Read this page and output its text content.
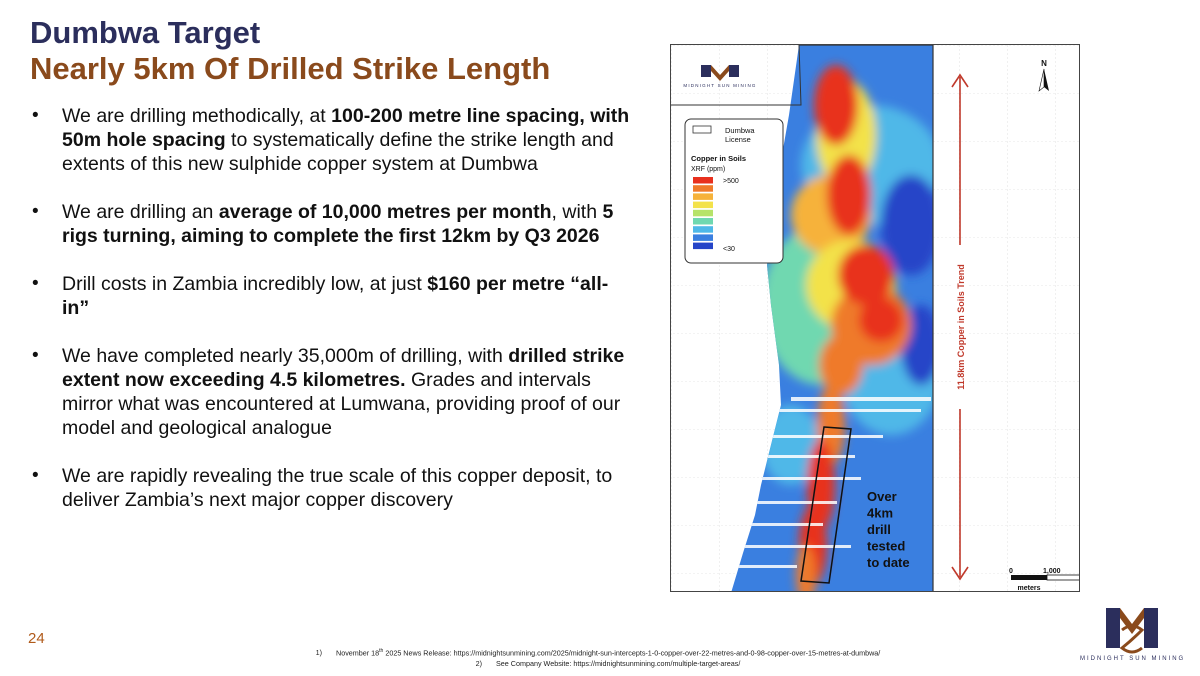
Dumbwa Target
Nearly 5km Of Drilled Strike Length
• We are drilling methodically, at 100-200 metre line spacing, with 50m hole spacing to systematically define the strike length and extents of this new sulphide copper system at Dumbwa
• We are drilling an average of 10,000 metres per month, with 5 rigs turning, aiming to complete the first 12km by Q3 2026
• Drill costs in Zambia incredibly low, at just $160 per metre “all-in”
• We have completed nearly 35,000m of drilling, with drilled strike extent now exceeding 4.5 kilometres. Grades and intervals mirror what was encountered at Lumwana, providing proof of our model and geological analogue
• We are rapidly revealing the true scale of this copper deposit, to deliver Zambia’s next major copper discovery
11.8km Copper in Soils Trend
N
MIDNIGHT SUN MINING
Dumbwa
License
Copper in Soils
XRF (ppm)
>500
<30
Over 4km drill tested to date
0	1,000
meters
24
1) November 18th 2025 News Release: https://midnightsunmining.com/2025/midnight-sun-intercepts-1-0-copper-over-22-metres-and-0-98-copper-over-15-metres-at-dumbwa/
2) See Company Website: https://midnightsunmining.com/multiple-target-areas/
MIDNIGHT SUN MINING
